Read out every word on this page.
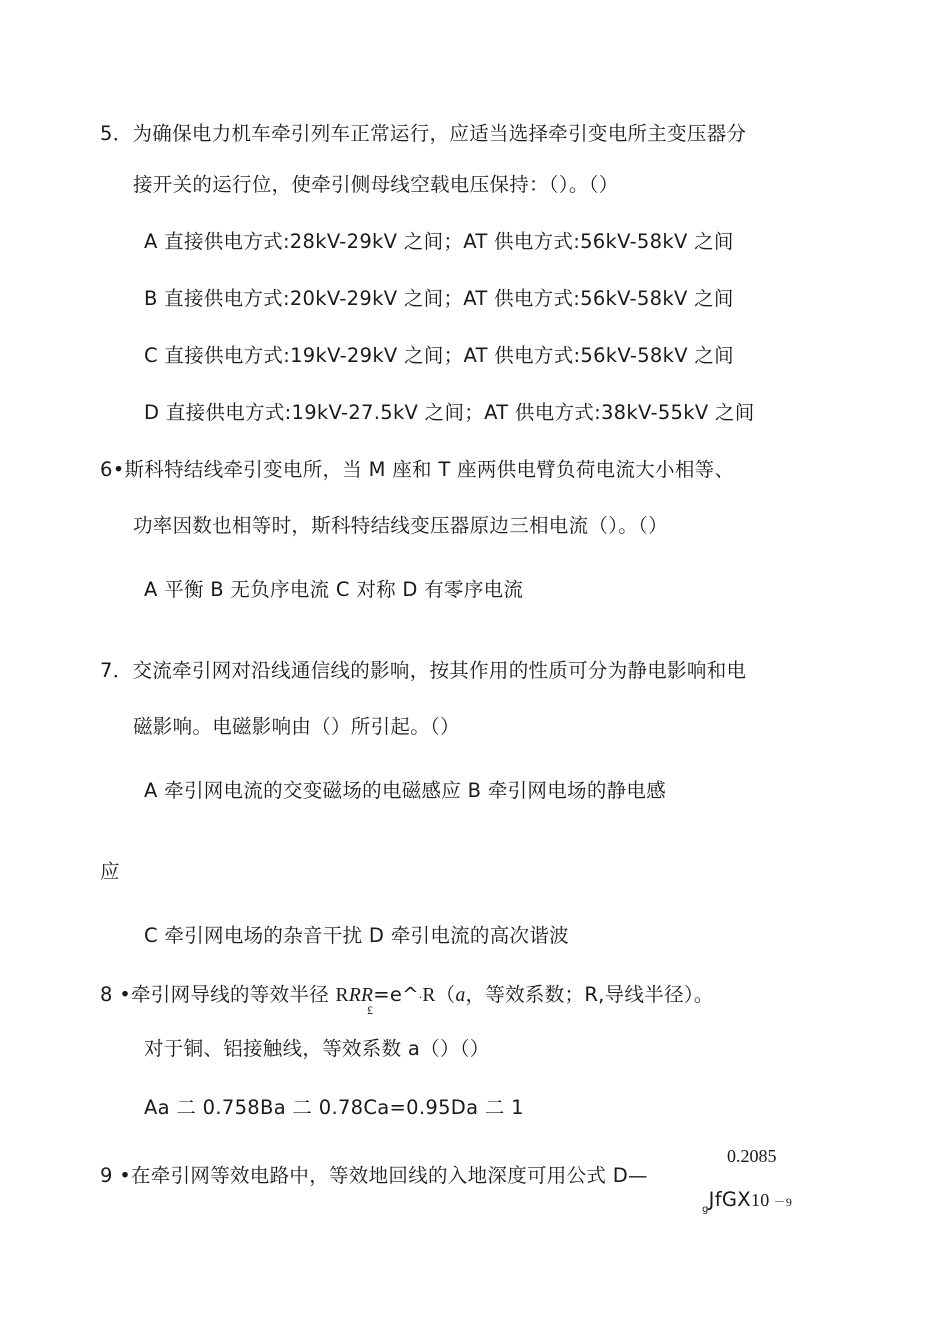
5．为确保电力机车牵引列车正常运行，应适当选择牵引变电所主变压器分
接开关的运行位，使牵引侧母线空载电压保持：（）。（）
A 直接供电方式:28kV-29kV 之间；AT 供电方式:56kV-58kV 之间
B 直接供电方式:20kV-29kV 之间；AT 供电方式:56kV-58kV 之间
C 直接供电方式:19kV-29kV 之间；AT 供电方式:56kV-58kV 之间
D 直接供电方式:19kV-27.5kV 之间；AT 供电方式:38kV-55kV 之间
6•斯科特结线牵引变电所，当 M 座和 T 座两供电臂负荷电流大小相等、
功率因数也相等时，斯科特结线变压器原边三相电流（）。（）
A 平衡 B 无负序电流 C 对称 D 有零序电流
7．交流牵引网对沿线通信线的影响，按其作用的性质可分为静电影响和电
磁影响。电磁影响由（）所引起。（）
A 牵引网电流的交变磁场的电磁感应 B 牵引网电场的静电感
应
C 牵引网电场的杂音干扰 D 牵引电流的高次谐波
8 •牵引网导线的等效半径 RRR=e^·R（a，等效系数；R,导线半径）。
£
对于铜、铝接触线，等效系数 a（）（）
Aa 二 0.758Ba 二 0.78Ca=0.95Da 二 1
0.2085
9 •在牵引网等效电路中，等效地回线的入地深度可用公式 D—
$_g$JfGX10 －9
